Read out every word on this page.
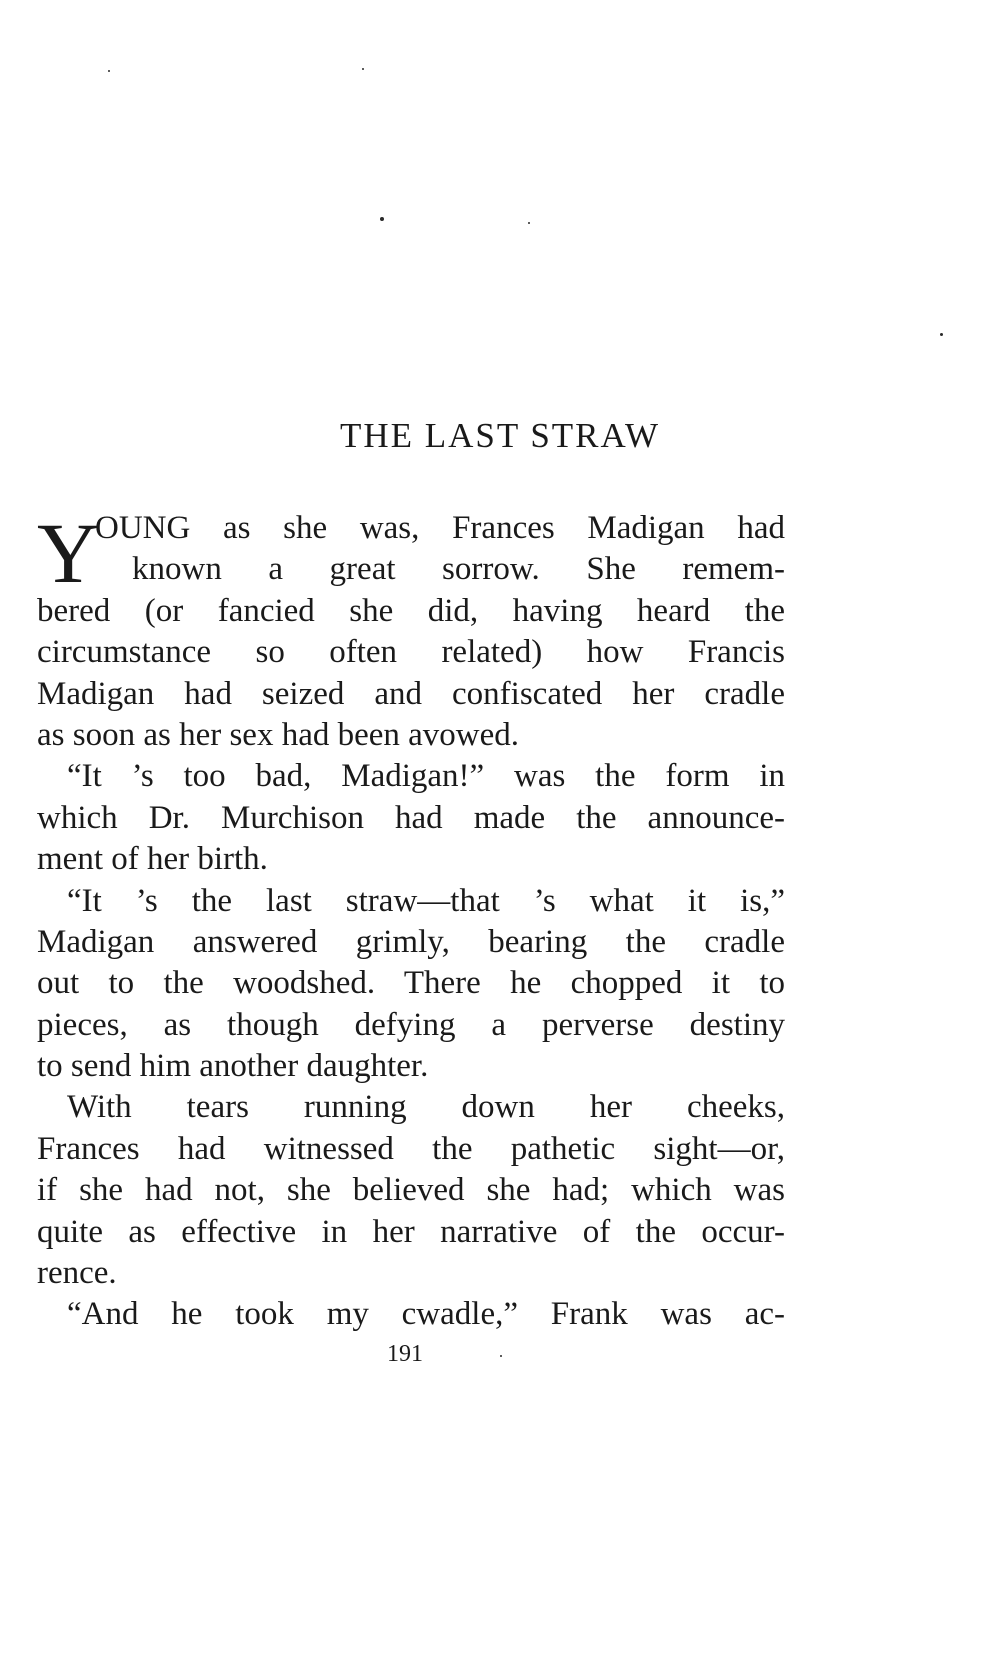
THE LAST STRAW
Y
OUNG as she was, Frances Madigan had
known a great sorrow. She remem-
bered (or fancied she did, having heard the
circumstance so often related) how Francis
Madigan had seized and confiscated her cradle
as soon as her sex had been avowed.
“It ’s too bad, Madigan!” was the form in
which Dr. Murchison had made the announce-
ment of her birth.
“It ’s the last straw—that ’s what it is,”
Madigan answered grimly, bearing the cradle
out to the woodshed. There he chopped it to
pieces, as though defying a perverse destiny
to send him another daughter.
With tears running down her cheeks,
Frances had witnessed the pathetic sight—or,
if she had not, she believed she had; which was
quite as effective in her narrative of the occur-
rence.
“And he took my cwadle,” Frank was ac-
191
